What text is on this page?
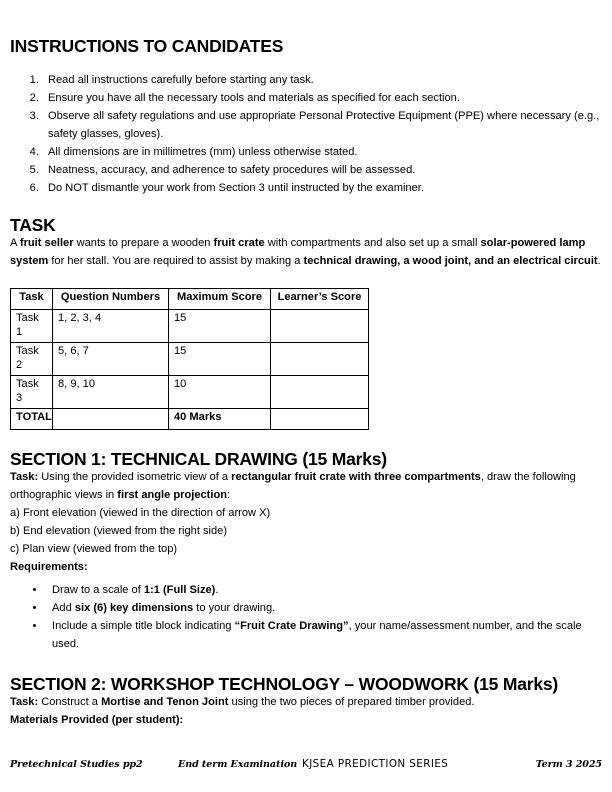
INSTRUCTIONS TO CANDIDATES
1. Read all instructions carefully before starting any task.
2. Ensure you have all the necessary tools and materials as specified for each section.
3. Observe all safety regulations and use appropriate Personal Protective Equipment (PPE) where necessary (e.g., safety glasses, gloves).
4. All dimensions are in millimetres (mm) unless otherwise stated.
5. Neatness, accuracy, and adherence to safety procedures will be assessed.
6. Do NOT dismantle your work from Section 3 until instructed by the examiner.
TASK

A fruit seller wants to prepare a wooden fruit crate with compartments and also set up a small solar-powered lamp system for her stall. You are required to assist by making a technical drawing, a wood joint, and an electrical circuit.

Task	Question Numbers	Maximum Score	Learner’s Score
Task 1	1, 2, 3, 4	15	
Task 2	5, 6, 7	15	
Task 3	8, 9, 10	10	
TOTAL		40 Marks	
SECTION 1: TECHNICAL DRAWING (15 Marks)

Task: Using the provided isometric view of a rectangular fruit crate with three compartments, draw the following orthographic views in first angle projection:

a) Front elevation (viewed in the direction of arrow X)
b) End elevation (viewed from the right side)
c) Plan view (viewed from the top)

Requirements:

• Draw to a scale of 1:1 (Full Size).
• Add six (6) key dimensions to your drawing.
• Include a simple title block indicating “Fruit Crate Drawing”, your name/assessment number, and the scale used.
SECTION 2: WORKSHOP TECHNOLOGY – WOODWORK (15 Marks)

Task: Construct a Mortise and Tenon Joint using the two pieces of prepared timber provided.

Materials Provided (per student):

Pretechnical Studies pp2	End term Examination KJSEA PREDICTION SERIES	Term 3 2025
